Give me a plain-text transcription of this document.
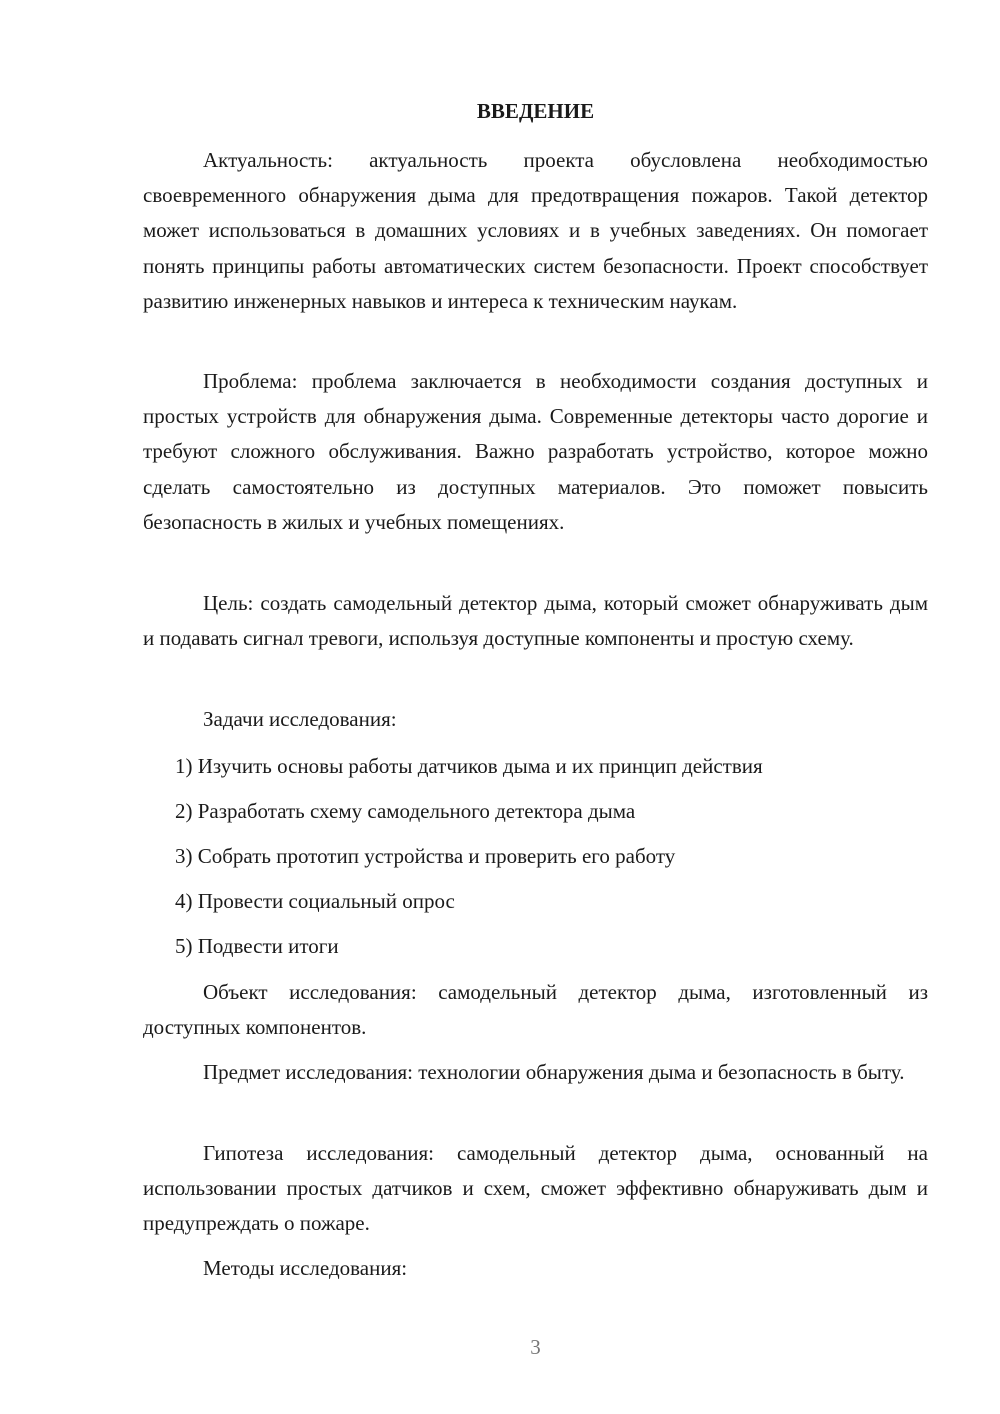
ВВЕДЕНИЕ

Актуальность: актуальность проекта обусловлена необходимостью своевременного обнаружения дыма для предотвращения пожаров. Такой детектор может использоваться в домашних условиях и в учебных заведениях. Он помогает понять принципы работы автоматических систем безопасности. Проект способствует развитию инженерных навыков и интереса к техническим наукам.

Проблема: проблема заключается в необходимости создания доступных и простых устройств для обнаружения дыма. Современные детекторы часто дорогие и требуют сложного обслуживания. Важно разработать устройство, которое можно сделать самостоятельно из доступных материалов. Это поможет повысить безопасность в жилых и учебных помещениях.

Цель: создать самодельный детектор дыма, который сможет обнаруживать дым и подавать сигнал тревоги, используя доступные компоненты и простую схему.

Задачи исследования:

1) Изучить основы работы датчиков дыма и их принцип действия

2) Разработать схему самодельного детектора дыма

3) Собрать прототип устройства и проверить его работу

4) Провести социальный опрос

5) Подвести итоги

Объект исследования: самодельный детектор дыма, изготовленный из доступных компонентов.

Предмет исследования: технологии обнаружения дыма и безопасность в быту.

Гипотеза исследования: самодельный детектор дыма, основанный на использовании простых датчиков и схем, сможет эффективно обнаруживать дым и предупреждать о пожаре.

Методы исследования:

3
